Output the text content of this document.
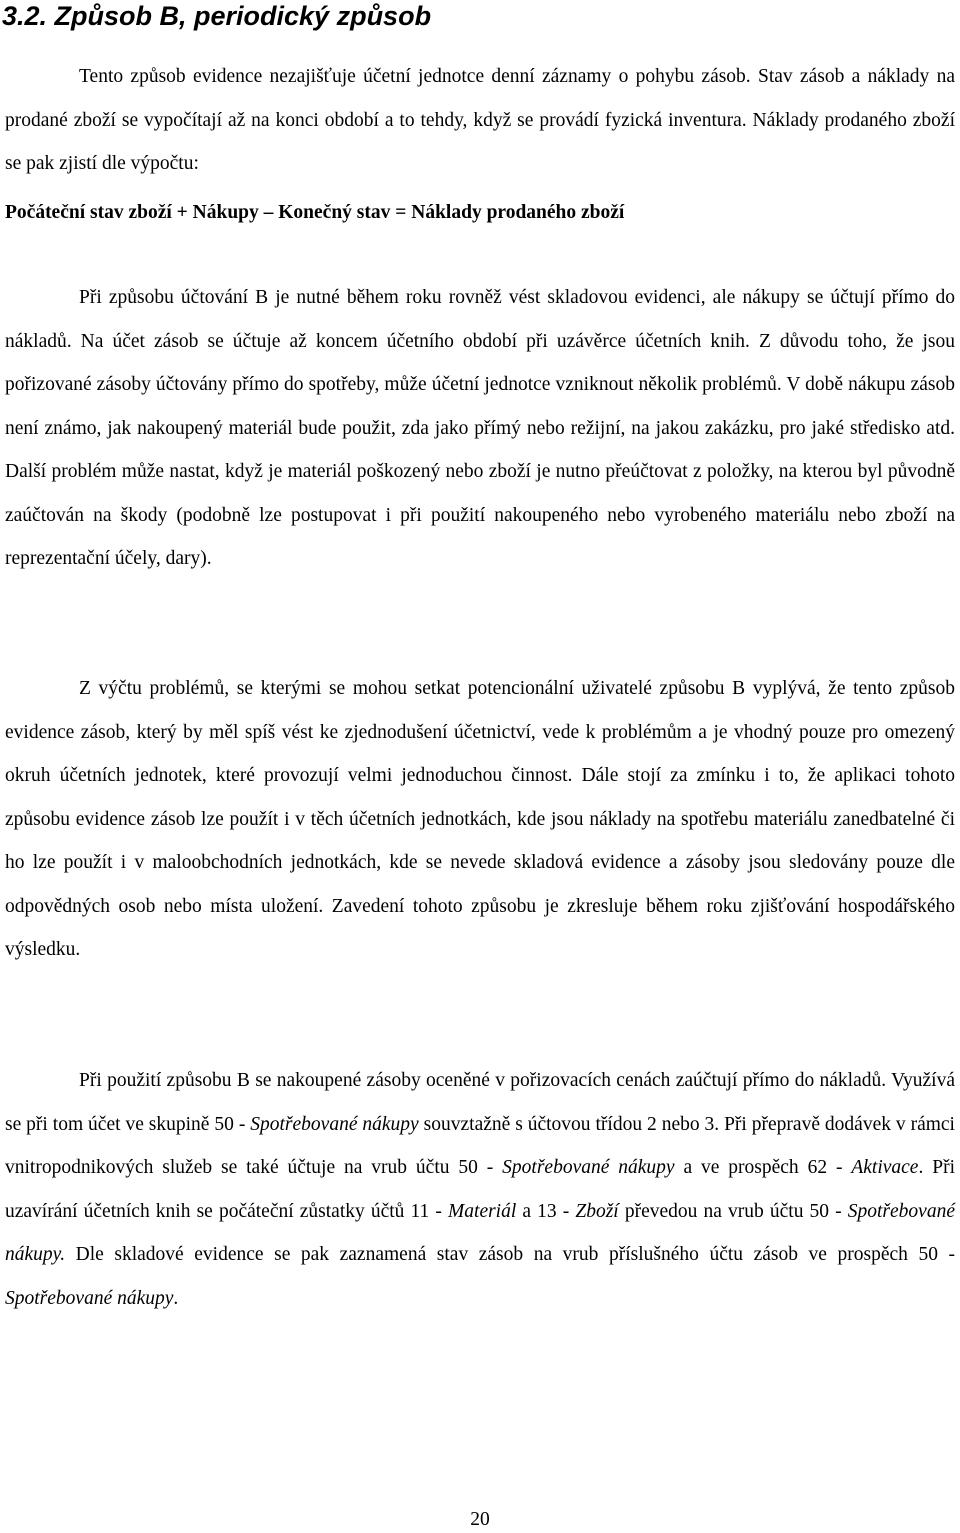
3.2. Způsob B, periodický způsob

Tento způsob evidence nezajišťuje účetní jednotce denní záznamy o pohybu zásob. Stav zásob a náklady na prodané zboží se vypočítají až na konci období a to tehdy, když se provádí fyzická inventura. Náklady prodaného zboží se pak zjistí dle výpočtu:

Počáteční stav zboží + Nákupy – Konečný stav = Náklady prodaného zboží

Při způsobu účtování B je nutné během roku rovněž vést skladovou evidenci, ale nákupy se účtují přímo do nákladů. Na účet zásob se účtuje až koncem účetního období při uzávěrce účetních knih. Z důvodu toho, že jsou pořizované zásoby účtovány přímo do spotřeby, může účetní jednotce vzniknout několik problémů. V době nákupu zásob není známo, jak nakoupený materiál bude použit, zda jako přímý nebo režijní, na jakou zakázku, pro jaké středisko atd. Další problém může nastat, když je materiál poškozený nebo zboží je nutno přeúčtovat z položky, na kterou byl původně zaúčtován na škody (podobně lze postupovat i při použití nakoupeného nebo vyrobeného materiálu nebo zboží na reprezentační účely, dary).

Z výčtu problémů, se kterými se mohou setkat potencionální uživatelé způsobu B vyplývá, že tento způsob evidence zásob, který by měl spíš vést ke zjednodušení účetnictví, vede k problémům a je vhodný pouze pro omezený okruh účetních jednotek, které provozují velmi jednoduchou činnost. Dále stojí za zmínku i to, že aplikaci tohoto způsobu evidence zásob lze použít i v těch účetních jednotkách, kde jsou náklady na spotřebu materiálu zanedbatelné či ho lze použít i v maloobchodních jednotkách, kde se nevede skladová evidence a zásoby jsou sledovány pouze dle odpovědných osob nebo místa uložení. Zavedení tohoto způsobu je zkresluje během roku zjišťování hospodářského výsledku.

Při použití způsobu B se nakoupené zásoby oceněné v pořizovacích cenách zaúčtují přímo do nákladů. Využívá se při tom účet ve skupině 50 - Spotřebované nákupy souvztažně s účtovou třídou 2 nebo 3. Při přepravě dodávek v rámci vnitropodnikových služeb se také účtuje na vrub účtu 50 - Spotřebované nákupy a ve prospěch 62 - Aktivace. Při uzavírání účetních knih se počáteční zůstatky účtů 11 - Materiál a 13 - Zboží převedou na vrub účtu 50 - Spotřebované nákupy. Dle skladové evidence se pak zaznamená stav zásob na vrub příslušného účtu zásob ve prospěch 50 - Spotřebované nákupy.

20
